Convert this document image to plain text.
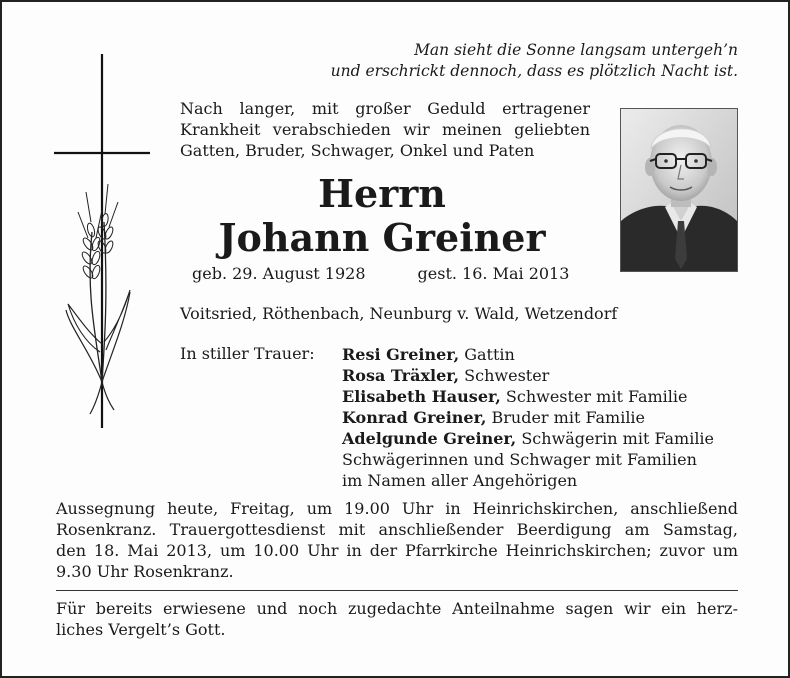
Man sieht die Sonne langsam untergeh’n
und erschrickt dennoch, dass es plötzlich Nacht ist.
Nach langer, mit großer Geduld ertragener
Krankheit verabschieden wir meinen geliebten
Gatten, Bruder, Schwager, Onkel und Paten
Herrn
Johann Greiner
geb. 29. August 1928	gest. 16. Mai 2013
Voitsried, Röthenbach, Neunburg v. Wald, Wetzendorf
In stiller Trauer: Resi Greiner, Gattin
Rosa Träxler, Schwester
Elisabeth Hauser, Schwester mit Familie
Konrad Greiner, Bruder mit Familie
Adelgunde Greiner, Schwägerin mit Familie
Schwägerinnen und Schwager mit Familien
im Namen aller Angehörigen
Aussegnung heute, Freitag, um 19.00 Uhr in Heinrichskirchen, anschließend
Rosenkranz. Trauergottesdienst mit anschließender Beerdigung am Samstag,
den 18. Mai 2013, um 10.00 Uhr in der Pfarrkirche Heinrichskirchen; zuvor um
9.30 Uhr Rosenkranz.
Für bereits erwiesene und noch zugedachte Anteilnahme sagen wir ein herz-
liches Vergelt’s Gott.
